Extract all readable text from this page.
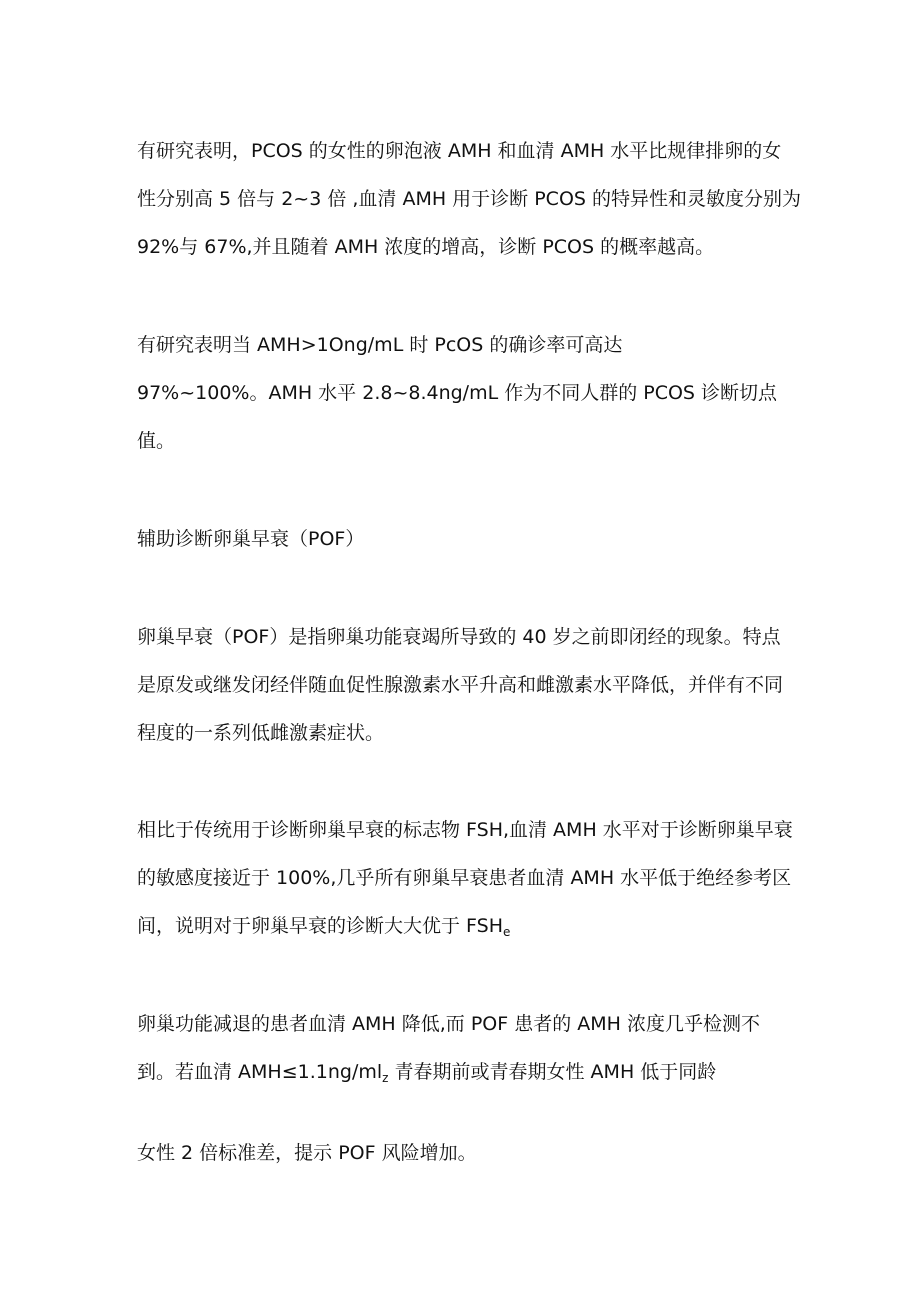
有研究表明，PCOS 的女性的卵泡液 AMH 和血清 AMH 水平比规律排卵的女

性分别高 5 倍与 2~3 倍 ,血清 AMH 用于诊断 PCOS 的特异性和灵敏度分别为

92%与 67%,并且随着 AMH 浓度的增高，诊断 PCOS 的概率越高。

有研究表明当 AMH>1Ong∕mL 时 PcOS 的确诊率可高达

97%~100%。AMH 水平 2.8~8.4ng∕mL 作为不同人群的 PCOS 诊断切点

值。

辅助诊断卵巢早衰（POF）

卵巢早衰（POF）是指卵巢功能衰竭所导致的 40 岁之前即闭经的现象。特点

是原发或继发闭经伴随血促性腺激素水平升高和雌激素水平降低，并伴有不同

程度的一系列低雌激素症状。

相比于传统用于诊断卵巢早衰的标志物 FSH,血清 AMH 水平对于诊断卵巢早衰

的敏感度接近于 100%,几乎所有卵巢早衰患者血清 AMH 水平低于绝经参考区

间，说明对于卵巢早衰的诊断大大优于 $FSH_e$

卵巢功能减退的患者血清 AMH 降低,而 POF 患者的 AMH 浓度几乎检测不

到。若血清 $AMH\le 1.1ng∕ml_z$ 青春期前或青春期女性 AMH 低于同龄

女性 2 倍标准差，提示 POF 风险增加。
